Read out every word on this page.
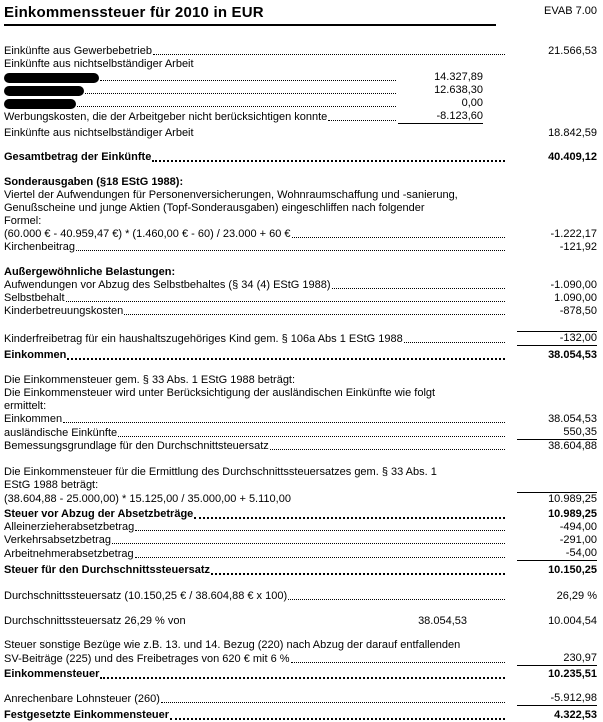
Einkommenssteuer für 2010 in EUR	EVAB 7.00
Einkünfte aus Gewerbebetrieb	21.566,53
Einkünfte aus nichtselbständiger Arbeit
14.327,89
12.638,30
0,00
Werbungskosten, die der Arbeitgeber nicht berücksichtigen konnte	-8.123,60
Einkünfte aus nichtselbständiger Arbeit	18.842,59
Gesamtbetrag der Einkünfte	40.409,12
Sonderausgaben (§18 EStG 1988):
Viertel der Aufwendungen für Personenversicherungen, Wohnraumschaffung und -sanierung,
Genußscheine und junge Aktien (Topf-Sonderausgaben) eingeschliffen nach folgender
Formel:
(60.000 € - 40.959,47 €) * (1.460,00 € - 60) / 23.000 + 60 €	-1.222,17
Kirchenbeitrag	-121,92
Außergewöhnliche Belastungen:
Aufwendungen vor Abzug des Selbstbehaltes (§ 34 (4) EStG 1988)	-1.090,00
Selbstbehalt	1.090,00
Kinderbetreuungskosten	-878,50
Kinderfreibetrag für ein haushaltszugehöriges Kind gem. § 106a Abs 1 EStG 1988	-132,00
Einkommen	38.054,53
Die Einkommensteuer gem. § 33 Abs. 1 EStG 1988 beträgt:
Die Einkommensteuer wird unter Berücksichtigung der ausländischen Einkünfte wie folgt
ermittelt:
Einkommen	38.054,53
ausländische Einkünfte	550,35
Bemessungsgrundlage für den Durchschnittsteuersatz	38.604,88
Die Einkommensteuer für die Ermittlung des Durchschnittssteuersatzes gem. § 33 Abs. 1
EStG 1988 beträgt:
(38.604,88 - 25.000,00) * 15.125,00 / 35.000,00 + 5.110,00	10.989,25
Steuer vor Abzug der Absetzbeträge	10.989,25
Alleinerzieherabsetzbetrag	-494,00
Verkehrsabsetzbetrag	-291,00
Arbeitnehmerabsetzbetrag	-54,00
Steuer für den Durchschnittssteuersatz	10.150,25
Durchschnittssteuersatz (10.150,25 € / 38.604,88 € x 100)	26,29 %
Durchschnittssteuersatz 26,29 % von	38.054,53	10.004,54
Steuer sonstige Bezüge wie z.B. 13. und 14. Bezug (220) nach Abzug der darauf entfallenden
SV-Beiträge (225) und des Freibetrages von 620 € mit 6 %	230,97
Einkommensteuer	10.235,51
Anrechenbare Lohnsteuer (260)	-5.912,98
Festgesetzte Einkommensteuer	4.322,53
